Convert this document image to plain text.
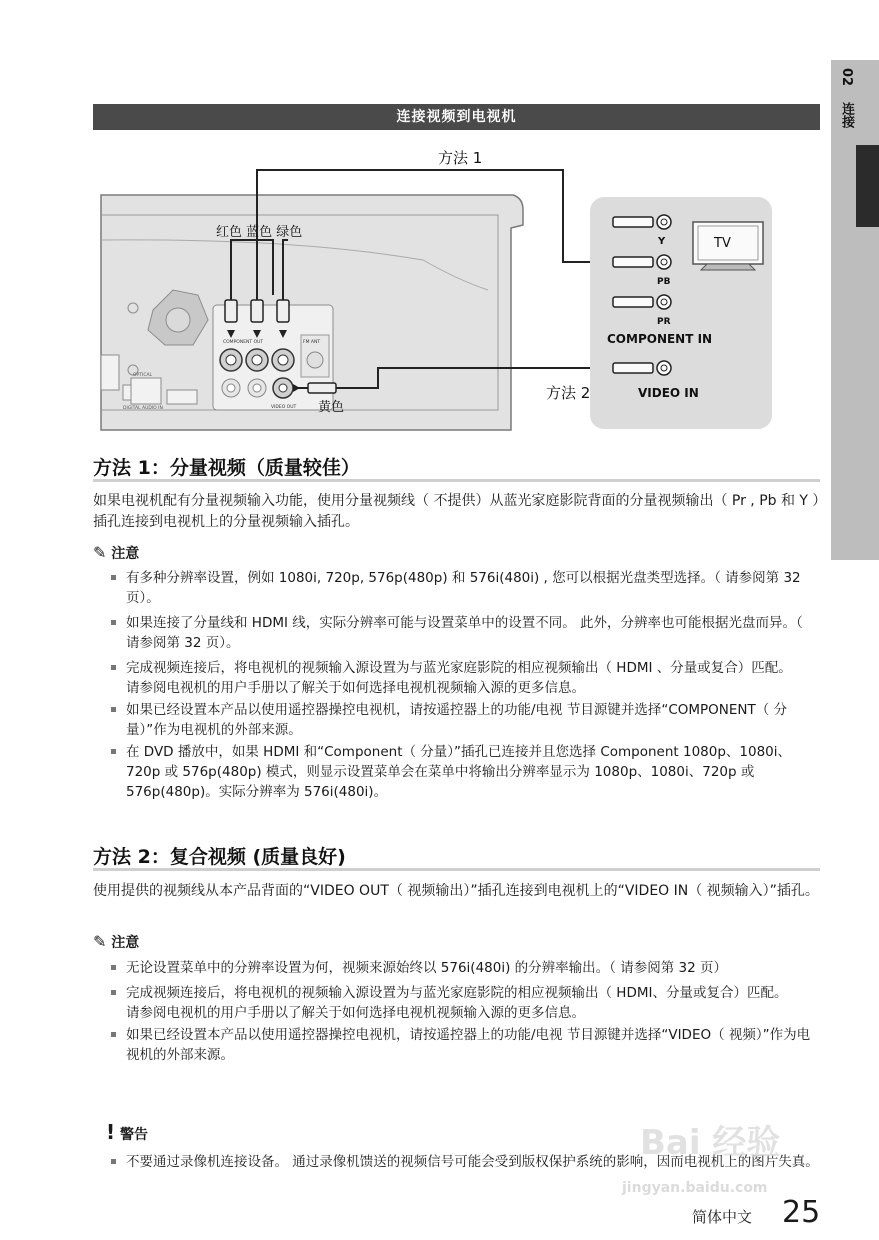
02
连接
连接视频到电视机
DIGITAL AUDIO IN
OPTICAL
COMPONENT OUT
VIDEO OUT
FM ANT
红色 蓝色 绿色
黄色
方法 1
方法 2
TV
Y
PB
PR
COMPONENT IN
VIDEO IN
方法 1：分量视频（质量较佳）
如果电视机配有分量视频输入功能，使用分量视频线（ 不提供）从蓝光家庭影院背面的分量视频输出（ Pr , Pb 和 Y ）插孔连接到电视机上的分量视频输入插孔。
✎ 注意
有多种分辨率设置，例如 1080i, 720p, 576p(480p) 和 576i(480i) , 您可以根据光盘类型选择。（ 请参阅第 32 页）。
如果连接了分量线和 HDMI 线，实际分辨率可能与设置菜单中的设置不同。 此外，分辨率也可能根据光盘而异。（ 请参阅第 32 页）。
完成视频连接后，将电视机的视频输入源设置为与蓝光家庭影院的相应视频输出（ HDMI 、分量或复合）匹配。
请参阅电视机的用户手册以了解关于如何选择电视机视频输入源的更多信息。
如果已经设置本产品以使用遥控器操控电视机，请按遥控器上的功能/电视 节目源键并选择“COMPONENT（ 分量）”作为电视机的外部来源。
在 DVD 播放中，如果 HDMI 和“Component（ 分量）”插孔已连接并且您选择 Component 1080p、1080i、720p 或 576p(480p) 模式，则显示设置菜单会在菜单中将输出分辨率显示为 1080p、1080i、720p 或 576p(480p)。实际分辨率为 576i(480i)。
方法 2：复合视频 (质量良好)
使用提供的视频线从本产品背面的“VIDEO OUT（ 视频输出）”插孔连接到电视机上的“VIDEO IN（ 视频输入）”插孔。
✎ 注意
无论设置菜单中的分辨率设置为何，视频来源始终以 576i(480i) 的分辨率输出。（ 请参阅第 32 页）
完成视频连接后，将电视机的视频输入源设置为与蓝光家庭影院的相应视频输出（ HDMI、分量或复合）匹配。
请参阅电视机的用户手册以了解关于如何选择电视机视频输入源的更多信息。
如果已经设置本产品以使用遥控器操控电视机，请按遥控器上的功能/电视 节目源键并选择“VIDEO（ 视频）”作为电视机的外部来源。
! 警告
不要通过录像机连接设备。 通过录像机馈送的视频信号可能会受到版权保护系统的影响，因而电视机上的图片失真。
Bai 经验
jingyan.baidu.com
简体中文 25
